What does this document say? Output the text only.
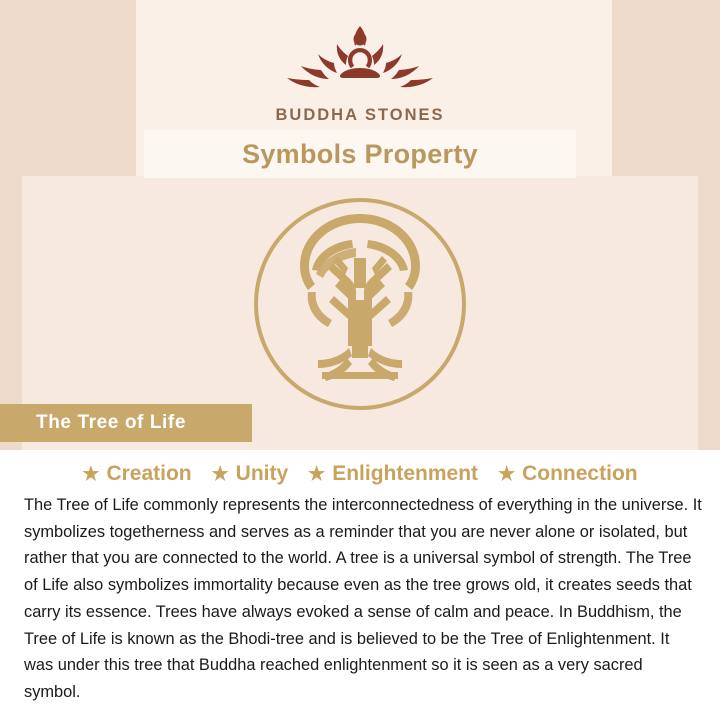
BUDDHA STONES
Symbols Property
The Tree of Life
★ Creation ★ Unity ★ Enlightenment ★ Connection

The Tree of Life commonly represents the interconnectedness of everything in the universe. It symbolizes togetherness and serves as a reminder that you are never alone or isolated, but rather that you are connected to the world. A tree is a universal symbol of strength. The Tree of Life also symbolizes immortality because even as the tree grows old, it creates seeds that carry its essence. Trees have always evoked a sense of calm and peace. In Buddhism, the Tree of Life is known as the Bhodi-tree and is believed to be the Tree of Enlightenment. It was under this tree that Buddha reached enlightenment so it is seen as a very sacred symbol.
